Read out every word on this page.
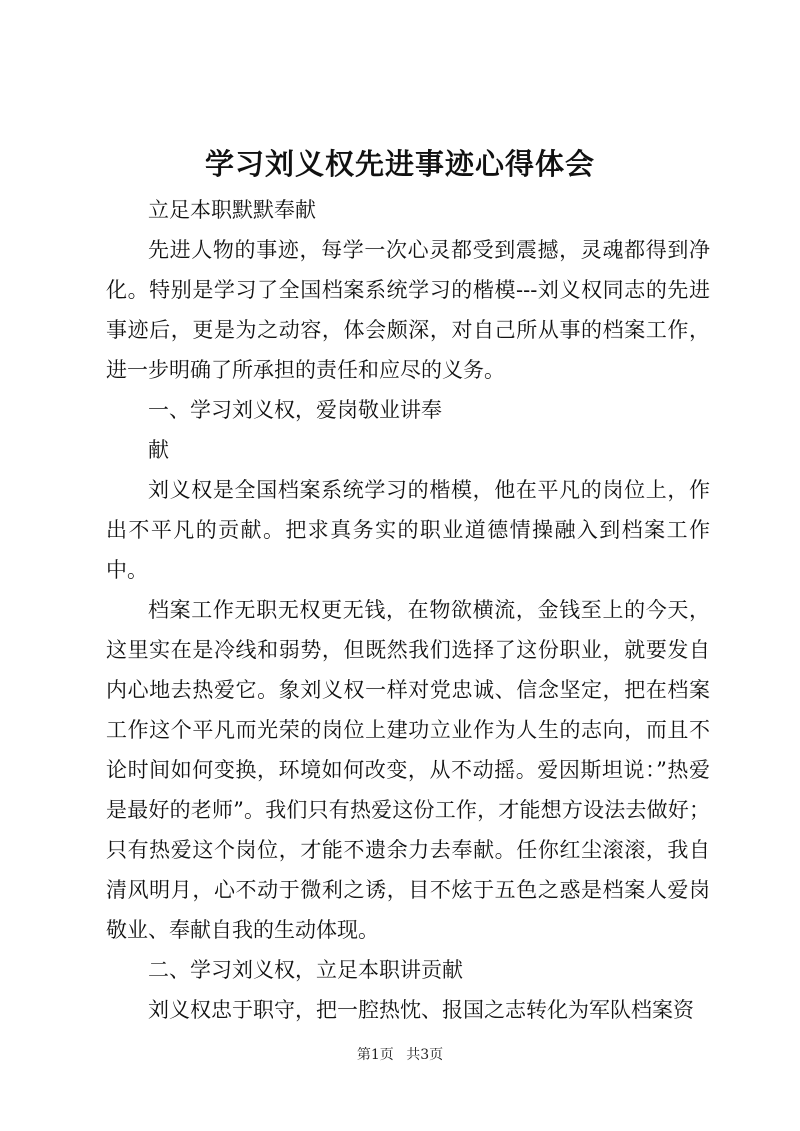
学习刘义权先进事迹心得体会

立足本职默默奉献

先进人物的事迹，每学一次心灵都受到震撼，灵魂都得到净化。特别是学习了全国档案系统学习的楷模---刘义权同志的先进事迹后，更是为之动容，体会颇深，对自己所从事的档案工作，进一步明确了所承担的责任和应尽的义务。

一、学习刘义权，爱岗敬业讲奉

献

刘义权是全国档案系统学习的楷模，他在平凡的岗位上，作出不平凡的贡献。把求真务实的职业道德情操融入到档案工作中。

档案工作无职无权更无钱，在物欲横流，金钱至上的今天，这里实在是冷线和弱势，但既然我们选择了这份职业，就要发自内心地去热爱它。象刘义权一样对党忠诚、信念坚定，把在档案工作这个平凡而光荣的岗位上建功立业作为人生的志向，而且不论时间如何变换，环境如何改变，从不动摇。爱因斯坦说：”热爱是最好的老师”。我们只有热爱这份工作，才能想方设法去做好；只有热爱这个岗位，才能不遗余力去奉献。任你红尘滚滚，我自清风明月，心不动于微利之诱，目不炫于五色之惑是档案人爱岗敬业、奉献自我的生动体现。

二、学习刘义权，立足本职讲贡献

刘义权忠于职守，把一腔热忱、报国之志转化为军队档案资

第1页 共3页
